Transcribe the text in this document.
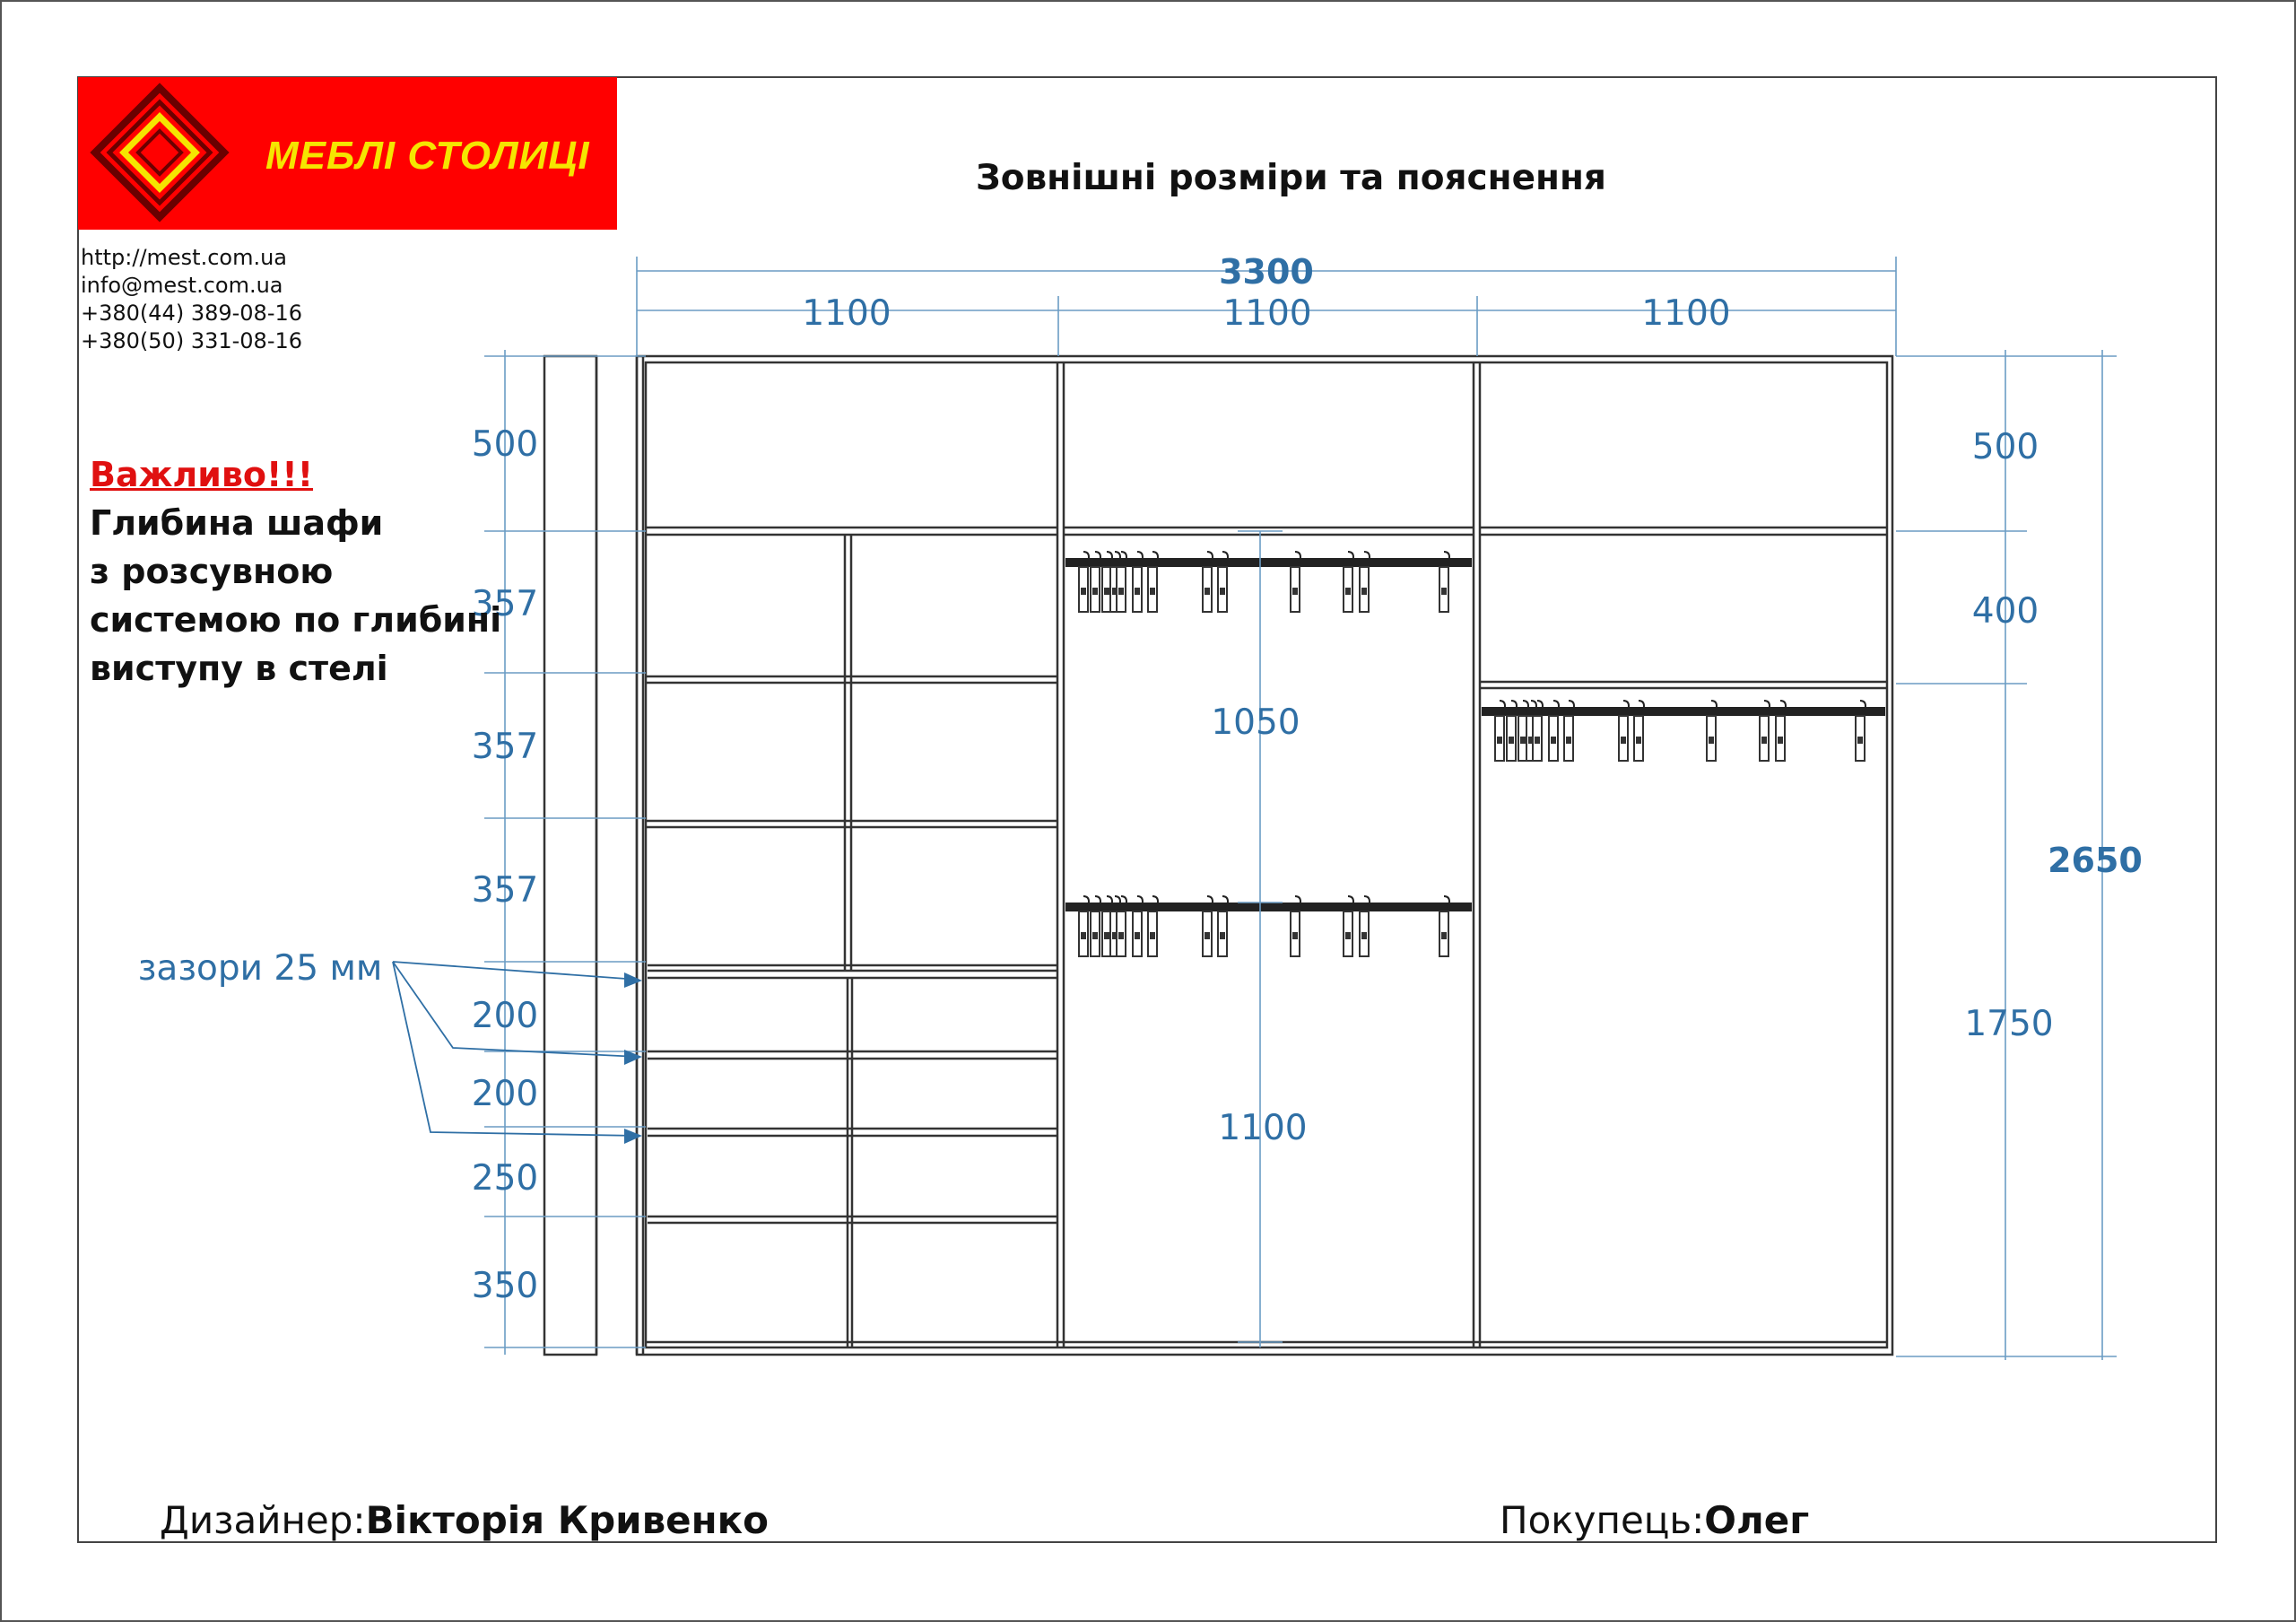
МЕБЛІ СТОЛИЦІ
3300
1100	1100	1100
500
357
357
357
200
200
250
350
1050
1100
500
400
1750
2650
зазори 25 мм
http://mest.com.ua
info@mest.com.ua
+380(44) 389-08-16
+380(50) 331-08-16
Важливо!!!
Глибина шафи
з розсувною
системою по глибині
виступу в стелі
Зовнішні розміри та пояснення
Дизайнер:Вікторія Кривенко	Покупець:Олег
